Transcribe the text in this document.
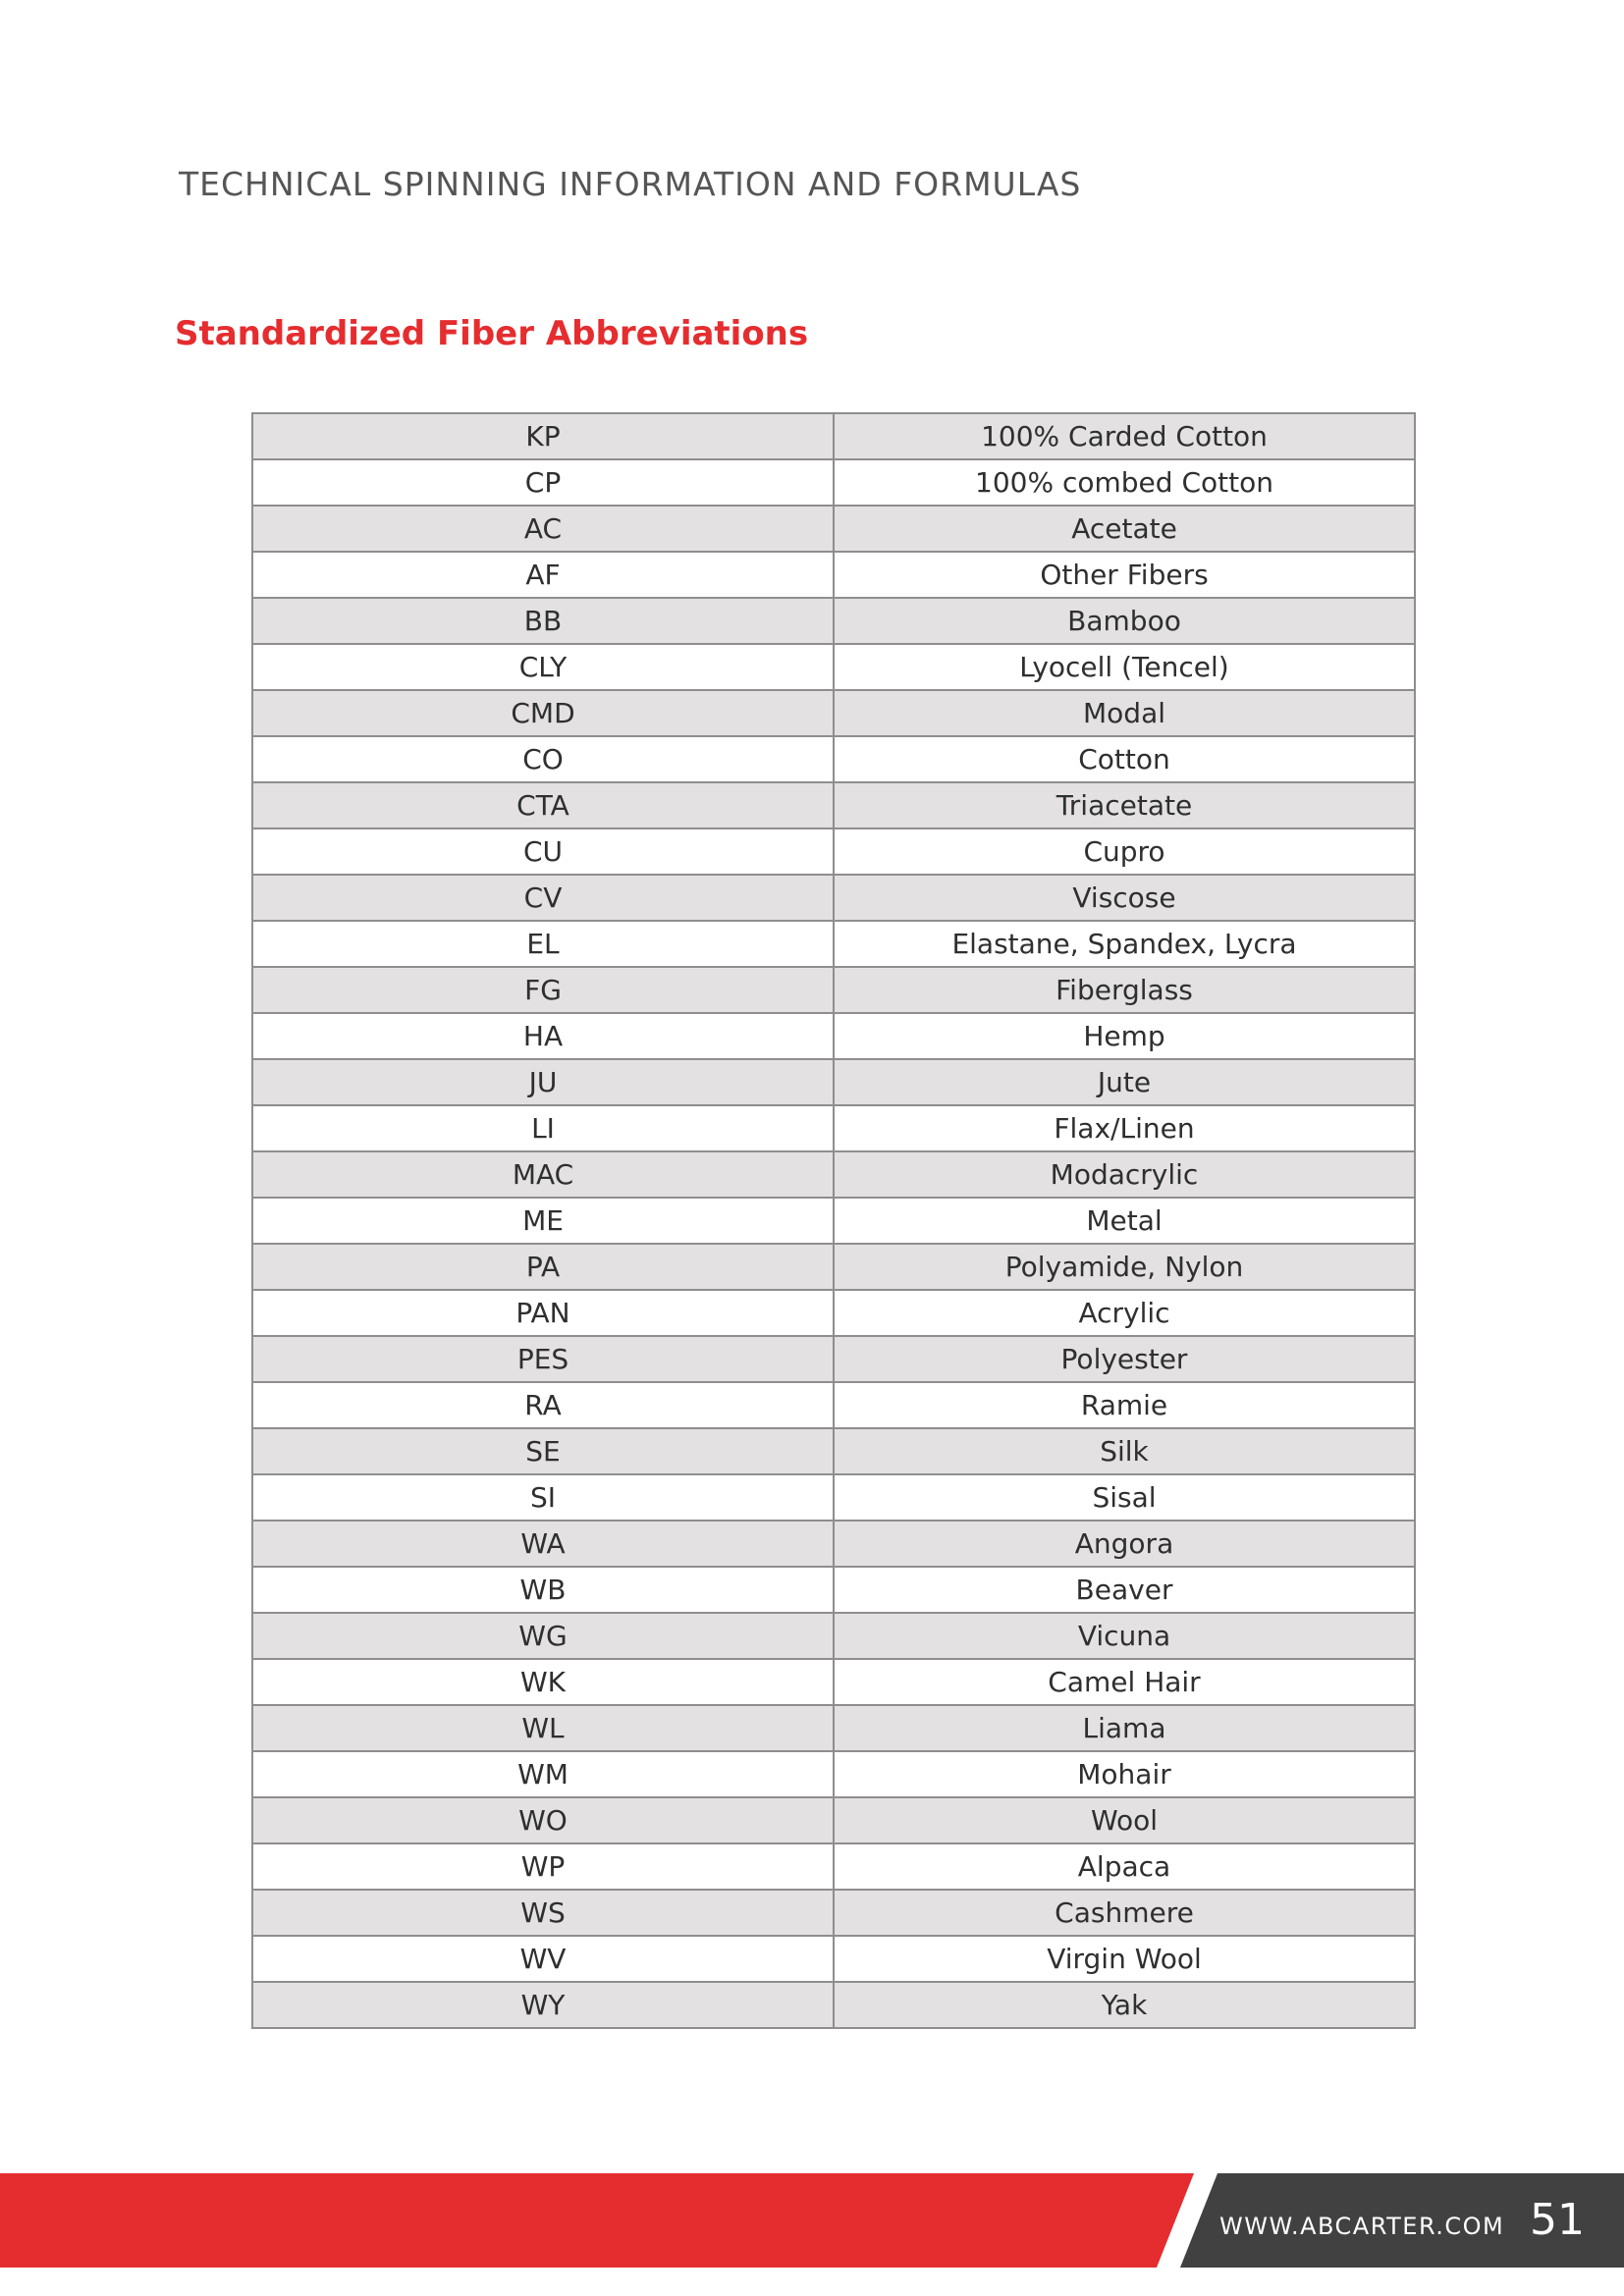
TECHNICAL SPINNING INFORMATION AND FORMULAS
Standardized Fiber Abbreviations
KP	100% Carded Cotton
CP	100% combed Cotton
AC	Acetate
AF	Other Fibers
BB	Bamboo
CLY	Lyocell (Tencel)
CMD	Modal
CO	Cotton
CTA	Triacetate
CU	Cupro
CV	Viscose
EL	Elastane, Spandex, Lycra
FG	Fiberglass
HA	Hemp
JU	Jute
LI	Flax/Linen
MAC	Modacrylic
ME	Metal
PA	Polyamide, Nylon
PAN	Acrylic
PES	Polyester
RA	Ramie
SE	Silk
SI	Sisal
WA	Angora
WB	Beaver
WG	Vicuna
WK	Camel Hair
WL	Liama
WM	Mohair
WO	Wool
WP	Alpaca
WS	Cashmere
WV	Virgin Wool
WY	Yak
WWW.ABCARTER.COM 51
